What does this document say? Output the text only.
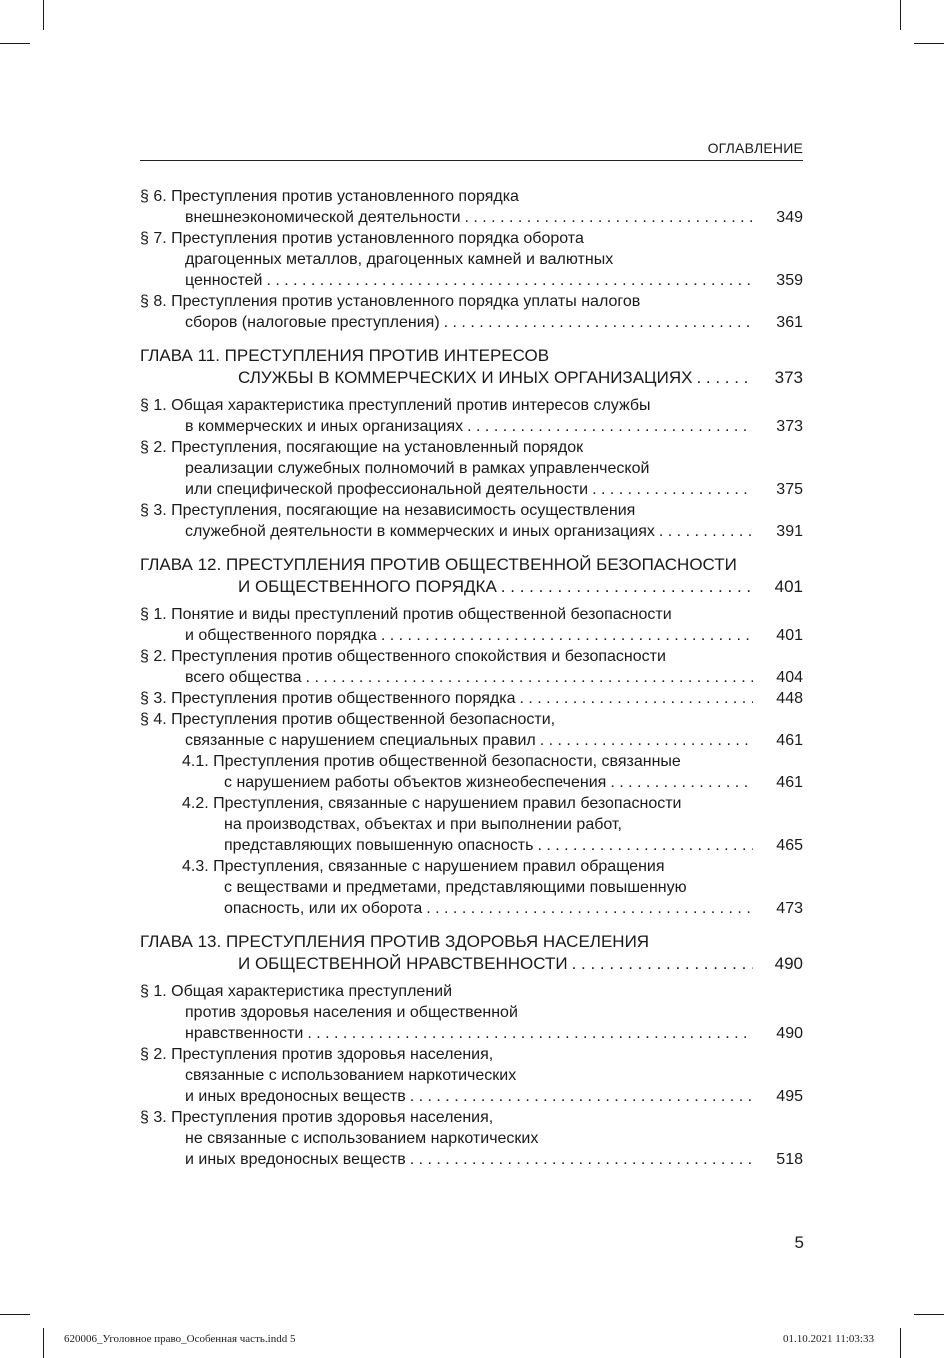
ОГЛАВЛЕНИЕ
§ 6. Преступления против установленного порядка
внешнеэкономической деятельности . . .	349
§ 7. Преступления против установленного порядка оборота
драгоценных металлов, драгоценных камней и валютных
ценностей . . .	359
§ 8. Преступления против установленного порядка уплаты налогов
сборов (налоговые преступления) . . .	361
ГЛАВА 11. ПРЕСТУПЛЕНИЯ ПРОТИВ ИНТЕРЕСОВ
СЛУЖБЫ В КОММЕРЧЕСКИХ И ИНЫХ ОРГАНИЗАЦИЯХ . . .	373
§ 1. Общая характеристика преступлений против интересов службы
в коммерческих и иных организациях . . .	373
§ 2. Преступления, посягающие на установленный порядок
реализации служебных полномочий в рамках управленческой
или специфической профессиональной деятельности . . .	375
§ 3. Преступления, посягающие на независимость осуществления
служебной деятельности в коммерческих и иных организациях . . .	391
ГЛАВА 12. ПРЕСТУПЛЕНИЯ ПРОТИВ ОБЩЕСТВЕННОЙ БЕЗОПАСНОСТИ
И ОБЩЕСТВЕННОГО ПОРЯДКА . . .	401
§ 1. Понятие и виды преступлений против общественной безопасности
и общественного порядка . . .	401
§ 2. Преступления против общественного спокойствия и безопасности
всего общества . . .	404
§ 3. Преступления против общественного порядка . . .	448
§ 4. Преступления против общественной безопасности,
связанные с нарушением специальных правил . . .	461
4.1. Преступления против общественной безопасности, связанные
с нарушением работы объектов жизнеобеспечения . . .	461
4.2. Преступления, связанные с нарушением правил безопасности
на производствах, объектах и при выполнении работ,
представляющих повышенную опасность . . .	465
4.3. Преступления, связанные с нарушением правил обращения
с веществами и предметами, представляющими повышенную
опасность, или их оборота . . .	473
ГЛАВА 13. ПРЕСТУПЛЕНИЯ ПРОТИВ ЗДОРОВЬЯ НАСЕЛЕНИЯ
И ОБЩЕСТВЕННОЙ НРАВСТВЕННОСТИ . . .	490
§ 1. Общая характеристика преступлений
против здоровья населения и общественной
нравственности . . .	490
§ 2. Преступления против здоровья населения,
связанные с использованием наркотических
и иных вредоносных веществ . . .	495
§ 3. Преступления против здоровья населения,
не связанные с использованием наркотических
и иных вредоносных веществ . . .	518
5
620006_Уголовное право_Особенная часть.indd 5	01.10.2021 11:03:33
